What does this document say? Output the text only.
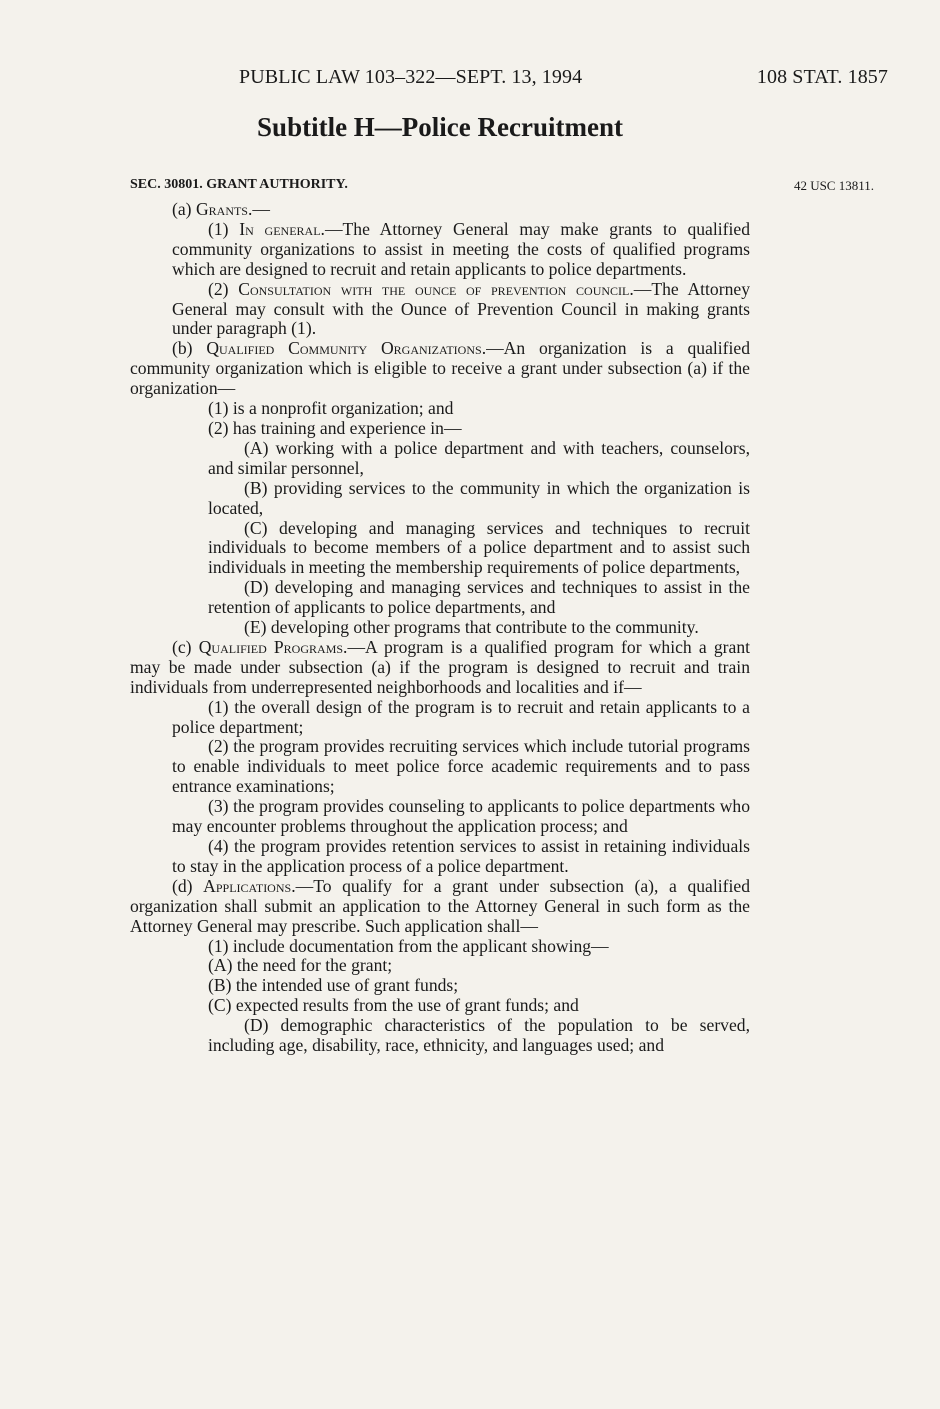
PUBLIC LAW 103–322—SEPT. 13, 1994	108 STAT. 1857
Subtitle H—Police Recruitment
SEC. 30801. GRANT AUTHORITY.	42 USC 13811.

(a) Grants.—

(1) In general.—The Attorney General may make grants to qualified community organizations to assist in meeting the costs of qualified programs which are designed to recruit and retain applicants to police departments.

(2) Consultation with the ounce of prevention council.—The Attorney General may consult with the Ounce of Prevention Council in making grants under paragraph (1).

(b) Qualified Community Organizations.—An organization is a qualified community organization which is eligible to receive a grant under subsection (a) if the organization—

(1) is a nonprofit organization; and

(2) has training and experience in—

(A) working with a police department and with teachers, counselors, and similar personnel,

(B) providing services to the community in which the organization is located,

(C) developing and managing services and techniques to recruit individuals to become members of a police department and to assist such individuals in meeting the membership requirements of police departments,

(D) developing and managing services and techniques to assist in the retention of applicants to police departments, and

(E) developing other programs that contribute to the community.

(c) Qualified Programs.—A program is a qualified program for which a grant may be made under subsection (a) if the program is designed to recruit and train individuals from underrepresented neighborhoods and localities and if—

(1) the overall design of the program is to recruit and retain applicants to a police department;

(2) the program provides recruiting services which include tutorial programs to enable individuals to meet police force academic requirements and to pass entrance examinations;

(3) the program provides counseling to applicants to police departments who may encounter problems throughout the application process; and

(4) the program provides retention services to assist in retaining individuals to stay in the application process of a police department.

(d) Applications.—To qualify for a grant under subsection (a), a qualified organization shall submit an application to the Attorney General in such form as the Attorney General may prescribe. Such application shall—

(1) include documentation from the applicant showing—

(A) the need for the grant;

(B) the intended use of grant funds;

(C) expected results from the use of grant funds; and

(D) demographic characteristics of the population to be served, including age, disability, race, ethnicity, and languages used; and
